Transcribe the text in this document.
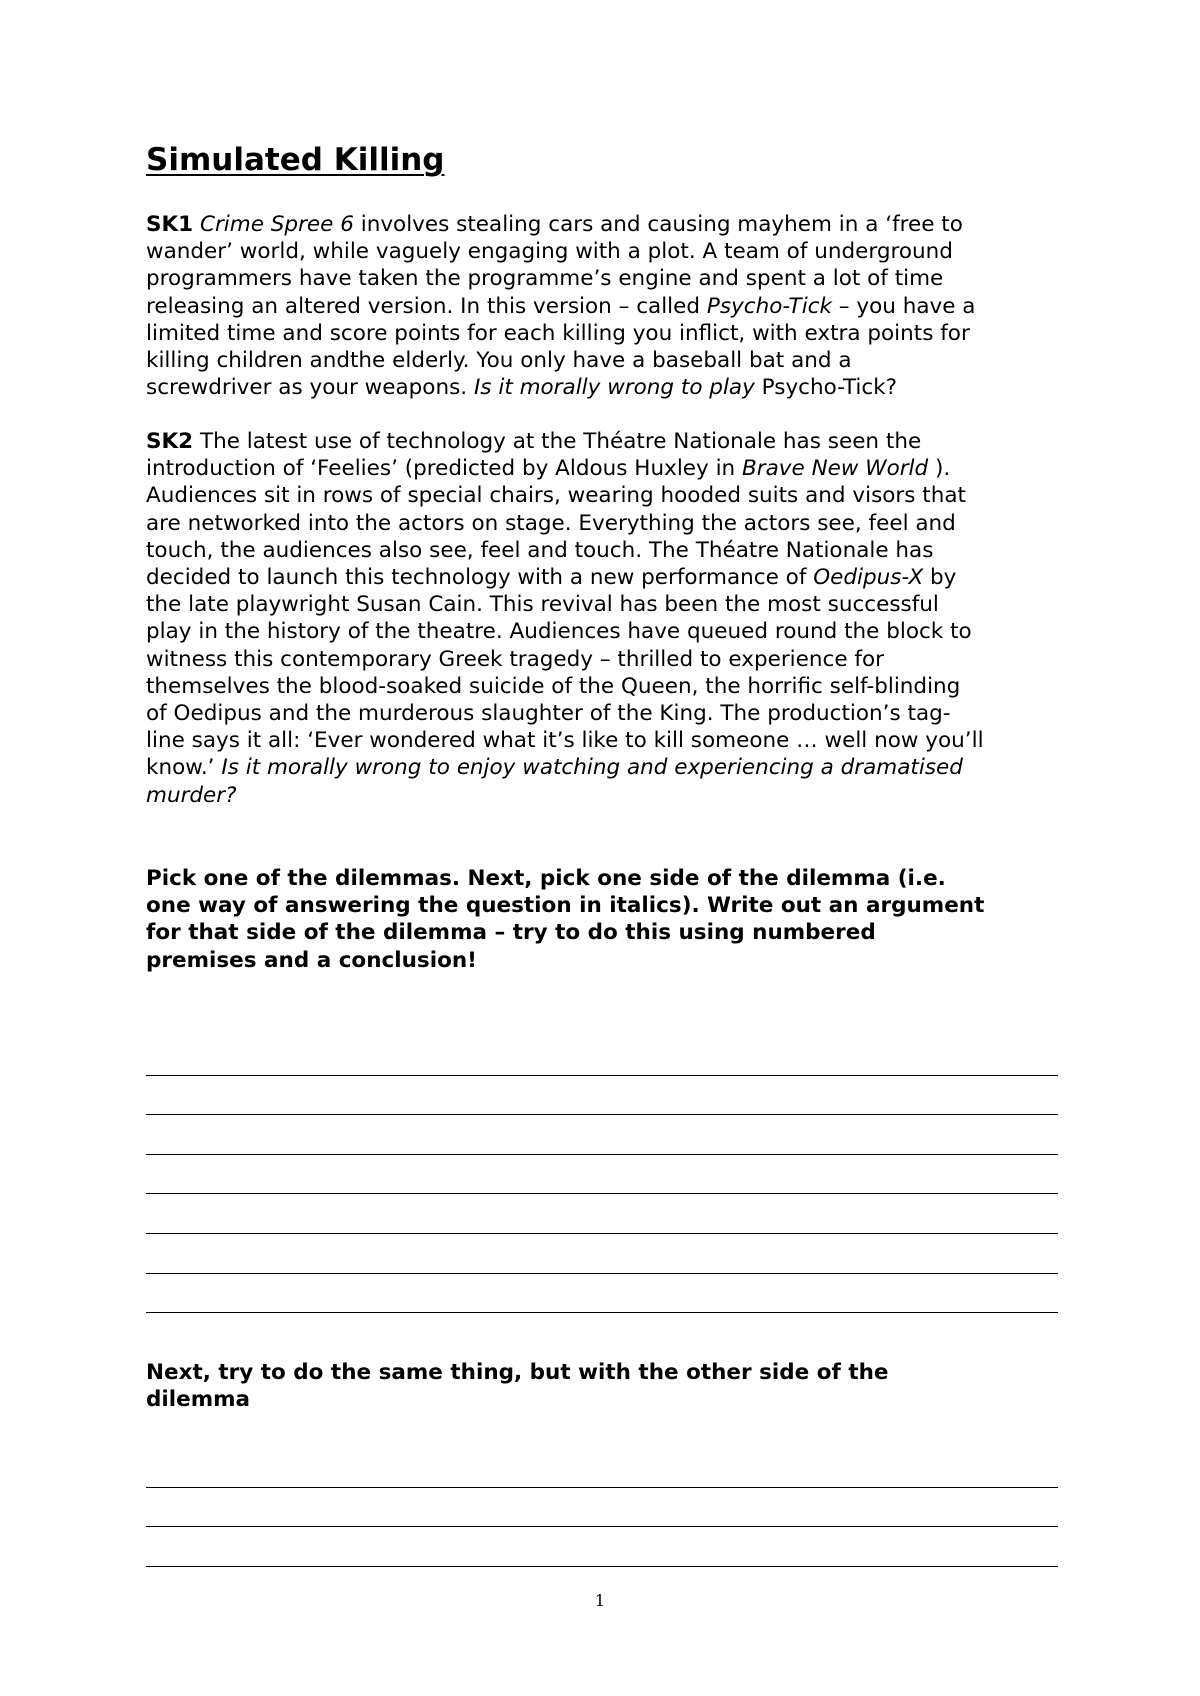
Simulated Killing
SK1 Crime Spree 6 involves stealing cars and causing mayhem in a ‘free to
wander’ world, while vaguely engaging with a plot. A team of underground
programmers have taken the programme’s engine and spent a lot of time
releasing an altered version. In this version – called Psycho-Tick – you have a
limited time and score points for each killing you inflict, with extra points for
killing children andthe elderly. You only have a baseball bat and a
screwdriver as your weapons. Is it morally wrong to play Psycho-Tick?
SK2 The latest use of technology at the Théatre Nationale has seen the
introduction of ‘Feelies’ (predicted by Aldous Huxley in Brave New World ).
Audiences sit in rows of special chairs, wearing hooded suits and visors that
are networked into the actors on stage. Everything the actors see, feel and
touch, the audiences also see, feel and touch. The Théatre Nationale has
decided to launch this technology with a new performance of Oedipus-X by
the late playwright Susan Cain. This revival has been the most successful
play in the history of the theatre. Audiences have queued round the block to
witness this contemporary Greek tragedy – thrilled to experience for
themselves the blood-soaked suicide of the Queen, the horrific self-blinding
of Oedipus and the murderous slaughter of the King. The production’s tag-
line says it all: ‘Ever wondered what it’s like to kill someone … well now you’ll
know.’ Is it morally wrong to enjoy watching and experiencing a dramatised
murder?
Pick one of the dilemmas. Next, pick one side of the dilemma (i.e.
one way of answering the question in italics). Write out an argument
for that side of the dilemma – try to do this using numbered
premises and a conclusion!
Next, try to do the same thing, but with the other side of the
dilemma
1
